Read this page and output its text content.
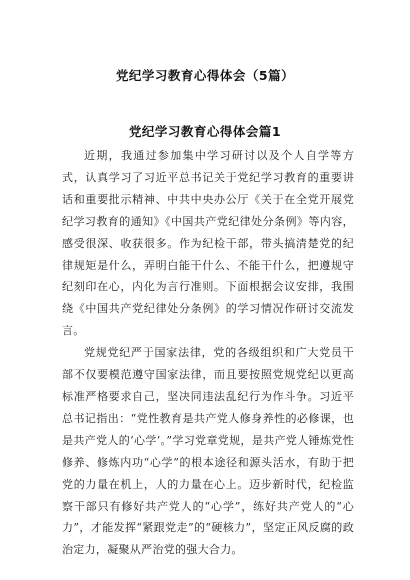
党纪学习教育心得体会（5篇）
党纪学习教育心得体会篇1

近期，我通过参加集中学习研讨以及个人自学等方式，认真学习了习近平总书记关于党纪学习教育的重要讲话和重要批示精神、中共中央办公厅《关于在全党开展党纪学习教育的通知》《中国共产党纪律处分条例》等内容，感受很深、收获很多。作为纪检干部，带头搞清楚党的纪律规矩是什么，弄明白能干什么、不能干什么，把遵规守纪刻印在心，内化为言行准则。下面根据会议安排，我围绕《中国共产党纪律处分条例》的学习情况作研讨交流发言。

党规党纪严于国家法律，党的各级组织和广大党员干部不仅要模范遵守国家法律，而且要按照党规党纪以更高标准严格要求自己，坚决同违法乱纪行为作斗争。习近平总书记指出：“党性教育是共产党人修身养性的必修课，也是共产党人的‘心学’。”学习党章党规，是共产党人锤炼党性修养、修炼内功“心学”的根本途径和源头活水，有助于把党的力量在机上，人的力量在心上。迈步新时代，纪检监察干部只有修好共产党人的“心学”，练好共产党人的“心力”，才能发挥“紧跟党走”的“硬核力”，坚定正风反腐的政治定力，凝聚从严治党的强大合力。
